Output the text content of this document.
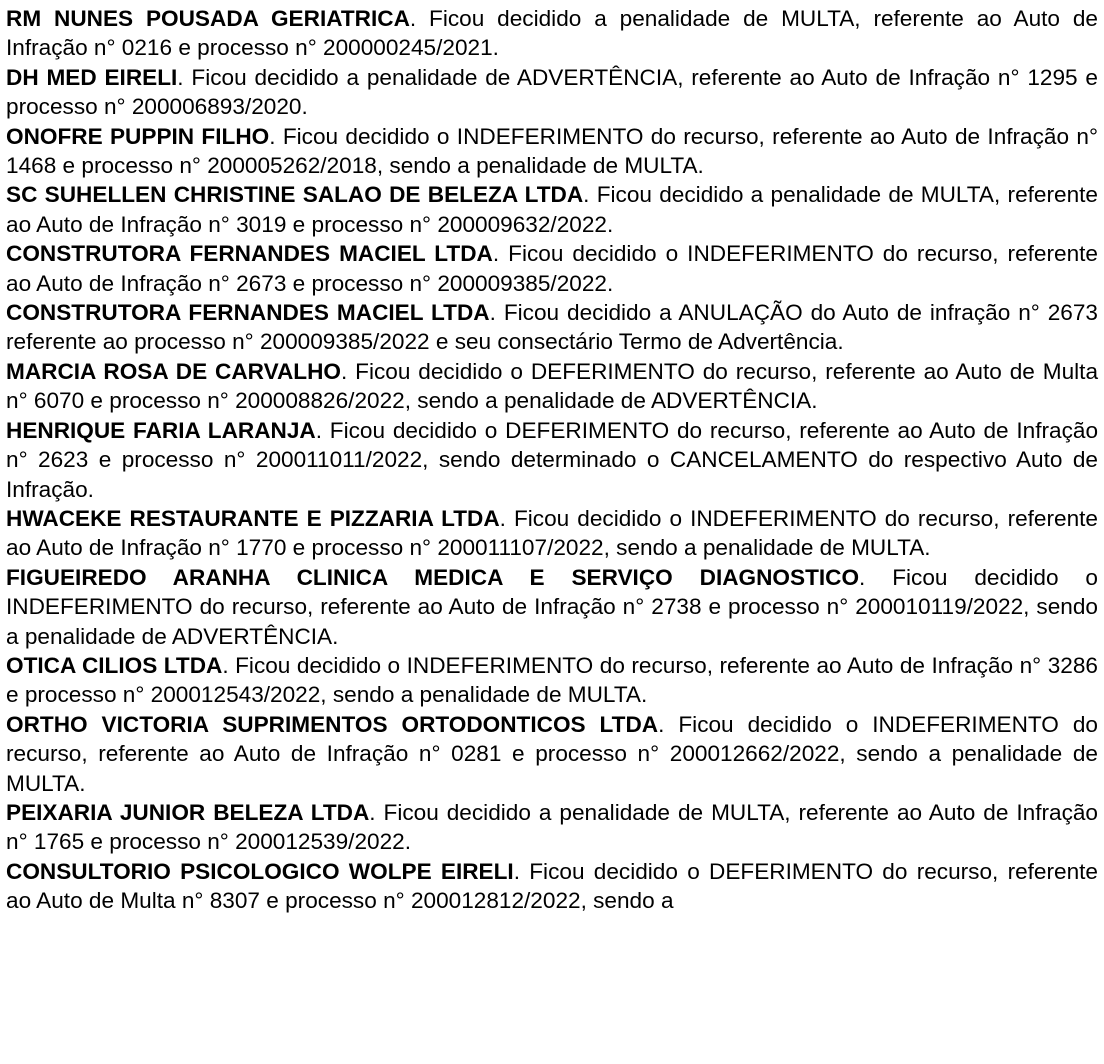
RM NUNES POUSADA GERIATRICA. Ficou decidido a penalidade de MULTA, referente ao Auto de Infração n° 0216 e processo n° 200000245/2021.

DH MED EIRELI. Ficou decidido a penalidade de ADVERTÊNCIA, referente ao Auto de Infração n° 1295 e processo n° 200006893/2020.

ONOFRE PUPPIN FILHO. Ficou decidido o INDEFERIMENTO do recurso, referente ao Auto de Infração n° 1468 e processo n° 200005262/2018, sendo a penalidade de MULTA.

SC SUHELLEN CHRISTINE SALAO DE BELEZA LTDA. Ficou decidido a penalidade de MULTA, referente ao Auto de Infração n° 3019 e processo n° 200009632/2022.

CONSTRUTORA FERNANDES MACIEL LTDA. Ficou decidido o INDEFERIMENTO do recurso, referente ao Auto de Infração n° 2673 e processo n° 200009385/2022.

CONSTRUTORA FERNANDES MACIEL LTDA. Ficou decidido a ANULAÇÃO do Auto de infração n° 2673 referente ao processo n° 200009385/2022 e seu consectário Termo de Advertência.

MARCIA ROSA DE CARVALHO. Ficou decidido o DEFERIMENTO do recurso, referente ao Auto de Multa n° 6070 e processo n° 200008826/2022, sendo a penalidade de ADVERTÊNCIA.

HENRIQUE FARIA LARANJA. Ficou decidido o DEFERIMENTO do recurso, referente ao Auto de Infração n° 2623 e processo n° 200011011/2022, sendo determinado o CANCELAMENTO do respectivo Auto de Infração.

HWACEKE RESTAURANTE E PIZZARIA LTDA. Ficou decidido o INDEFERIMENTO do recurso, referente ao Auto de Infração n° 1770 e processo n° 200011107/2022, sendo a penalidade de MULTA.

FIGUEIREDO ARANHA CLINICA MEDICA E SERVIÇO DIAGNOSTICO. Ficou decidido o INDEFERIMENTO do recurso, referente ao Auto de Infração n° 2738 e processo n° 200010119/2022, sendo a penalidade de ADVERTÊNCIA.

OTICA CILIOS LTDA. Ficou decidido o INDEFERIMENTO do recurso, referente ao Auto de Infração n° 3286 e processo n° 200012543/2022, sendo a penalidade de MULTA.

ORTHO VICTORIA SUPRIMENTOS ORTODONTICOS LTDA. Ficou decidido o INDEFERIMENTO do recurso, referente ao Auto de Infração n° 0281 e processo n° 200012662/2022, sendo a penalidade de MULTA.

PEIXARIA JUNIOR BELEZA LTDA. Ficou decidido a penalidade de MULTA, referente ao Auto de Infração n° 1765 e processo n° 200012539/2022.

CONSULTORIO PSICOLOGICO WOLPE EIRELI. Ficou decidido o DEFERIMENTO do recurso, referente ao Auto de Multa n° 8307 e processo n° 200012812/2022, sendo a
